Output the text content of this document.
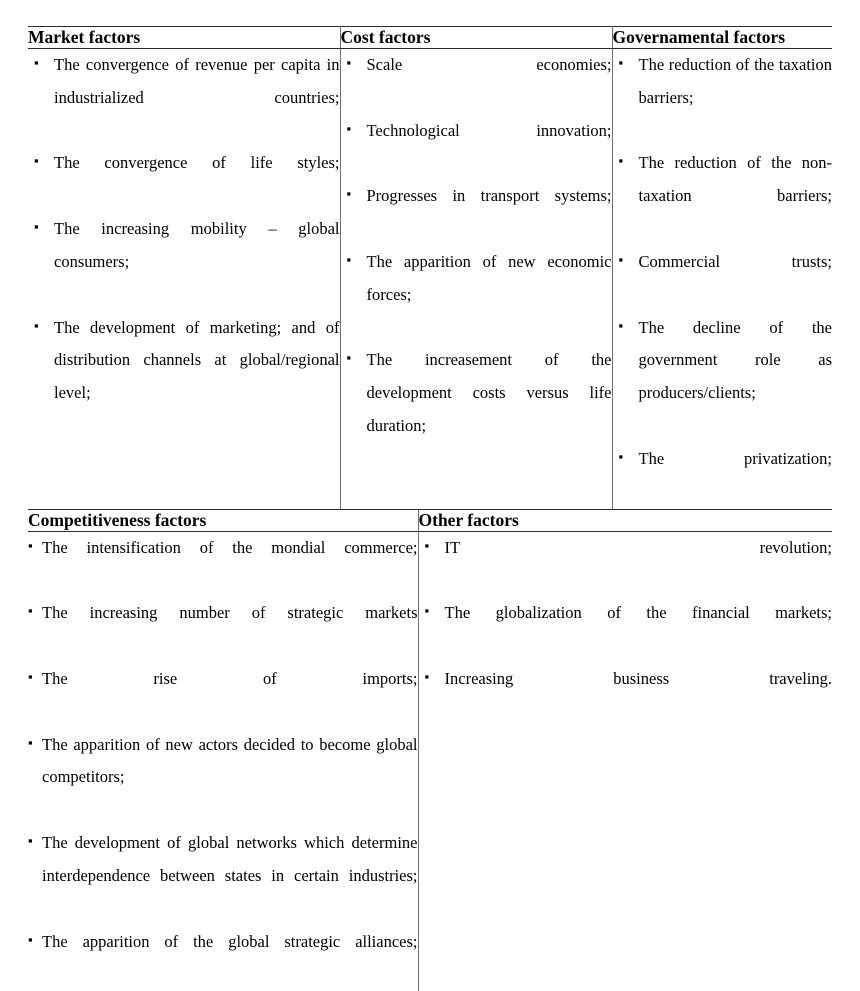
Market factors	Cost factors	Governamental factors

▪ The convergence of revenue per capita in industrialized countries;
▪ The convergence of life styles;
▪ The increasing mobility – global consumers;
▪ The development of marketing; and of distribution channels at global/regional level;

▪ Scale economies;
▪ Technological innovation;
▪ Progresses in transport systems;
▪ The apparition of new economic forces;
▪ The increasement of the development costs versus life duration;

▪ The reduction of the taxation barriers;
▪ The reduction of the non-taxation barriers;
▪ Commercial trusts;
▪ The decline of the government role as producers/clients;
▪ The privatization;
Competitiveness factors	Other factors

▪ The intensification of the mondial commerce;
▪ The increasing number of strategic markets
▪ The rise of imports;
▪ The apparition of new actors decided to become global competitors;
▪ The development of global networks which determine interdependence between states in certain industries;
▪ The apparition of the global strategic alliances;

▪ IT revolution;
▪ The globalization of the financial markets;
▪ Increasing business traveling.
